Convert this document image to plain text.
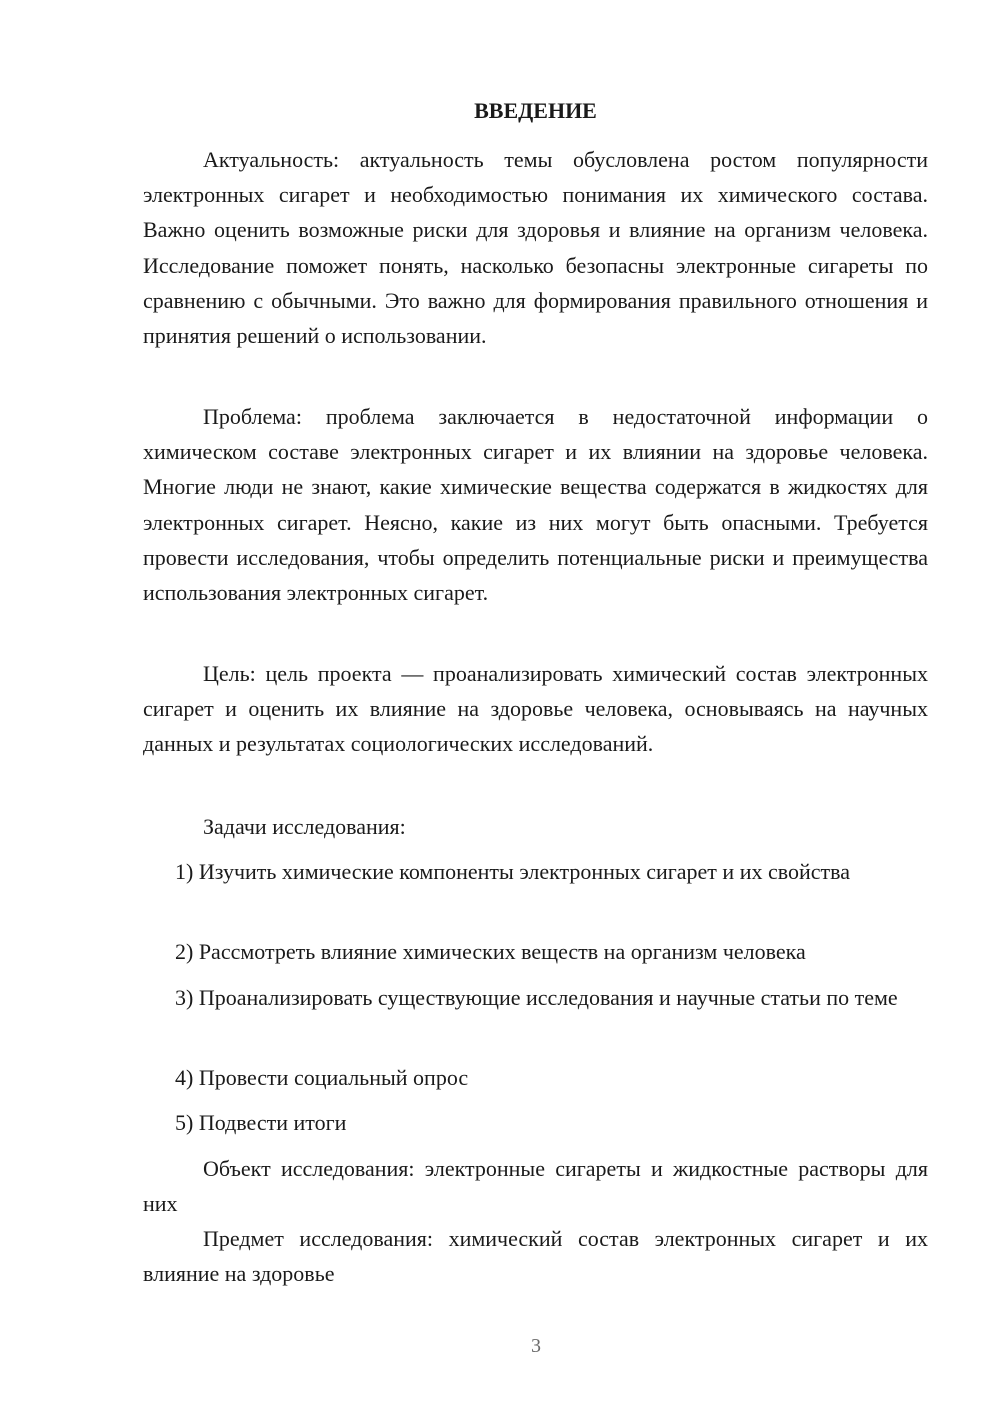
ВВЕДЕНИЕ

Актуальность: актуальность темы обусловлена ростом популярности электронных сигарет и необходимостью понимания их химического состава. Важно оценить возможные риски для здоровья и влияние на организм человека. Исследование поможет понять, насколько безопасны электронные сигареты по сравнению с обычными. Это важно для формирования правильного отношения и принятия решений о использовании.

Проблема: проблема заключается в недостаточной информации о химическом составе электронных сигарет и их влиянии на здоровье человека. Многие люди не знают, какие химические вещества содержатся в жидкостях для электронных сигарет. Неясно, какие из них могут быть опасными. Требуется провести исследования, чтобы определить потенциальные риски и преимущества использования электронных сигарет.

Цель: цель проекта — проанализировать химический состав электронных сигарет и оценить их влияние на здоровье человека, основываясь на научных данных и результатах социологических исследований.

Задачи исследования:

1) Изучить химические компоненты электронных сигарет и их свойства

2) Рассмотреть влияние химических веществ на организм человека

3) Проанализировать существующие исследования и научные статьи по теме

4) Провести социальный опрос

5) Подвести итоги

Объект исследования: электронные сигареты и жидкостные растворы для них

Предмет исследования: химический состав электронных сигарет и их влияние на здоровье

3
